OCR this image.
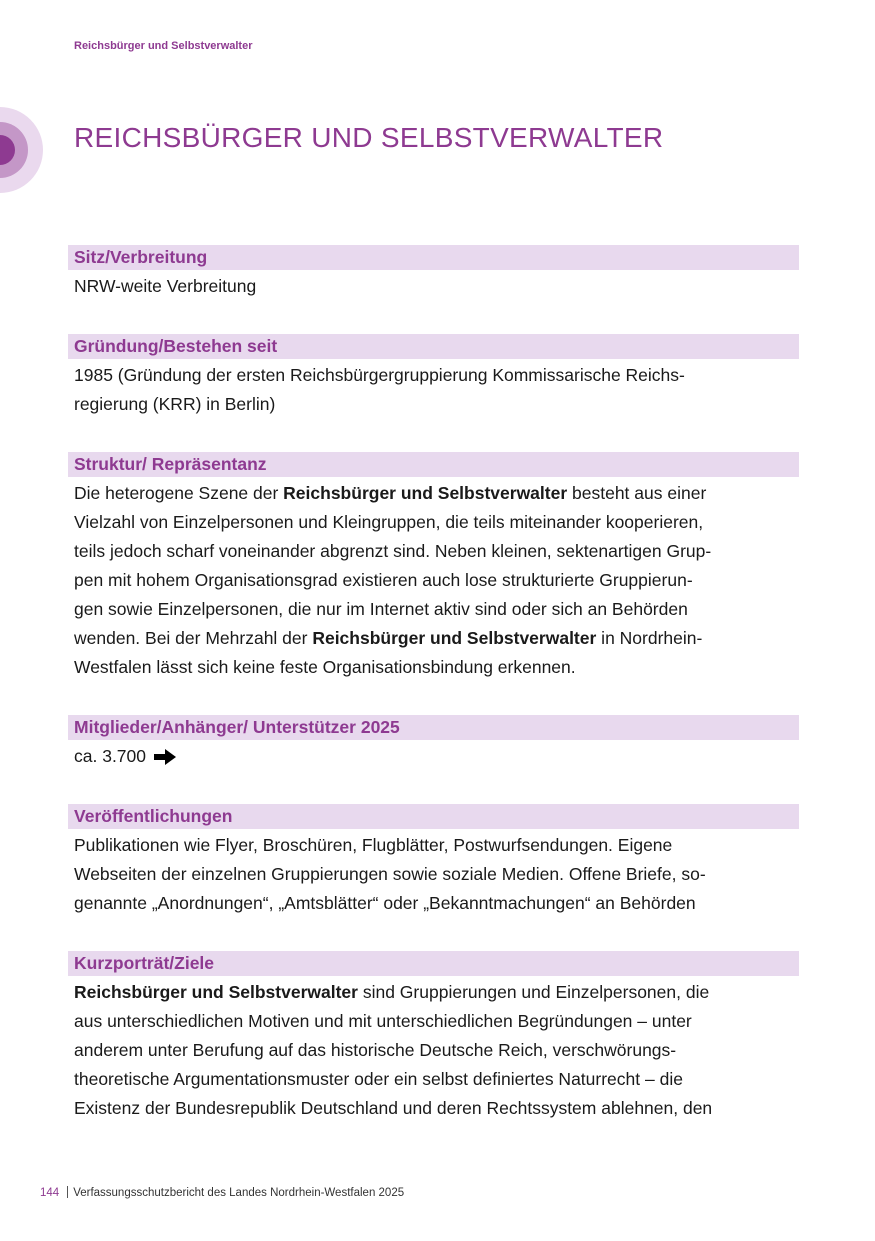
Reichsbürger und Selbstverwalter
REICHSBÜRGER UND SELBSTVERWALTER
Sitz/Verbreitung
NRW-weite Verbreitung
Gründung/Bestehen seit
1985 (Gründung der ersten Reichsbürgergruppierung Kommissarische Reichs-
regierung (KRR) in Berlin)
Struktur/ Repräsentanz
Die heterogene Szene der Reichsbürger und Selbstverwalter besteht aus einer
Vielzahl von Einzelpersonen und Kleingruppen, die teils miteinander kooperieren,
teils jedoch scharf voneinander abgrenzt sind. Neben kleinen, sektenartigen Grup-
pen mit hohem Organisationsgrad existieren auch lose strukturierte Gruppierun-
gen sowie Einzelpersonen, die nur im Internet aktiv sind oder sich an Behörden
wenden. Bei der Mehrzahl der Reichsbürger und Selbstverwalter in Nordrhein-
Westfalen lässt sich keine feste Organisationsbindung erkennen.
Mitglieder/Anhänger/ Unterstützer 2025
ca. 3.700
Veröffentlichungen
Publikationen wie Flyer, Broschüren, Flugblätter, Postwurfsendungen. Eigene
Webseiten der einzelnen Gruppierungen sowie soziale Medien. Offene Briefe, so-
genannte „Anordnungen“, „Amtsblätter“ oder „Bekanntmachungen“ an Behörden
Kurzporträt/Ziele
Reichsbürger und Selbstverwalter sind Gruppierungen und Einzelpersonen, die
aus unterschiedlichen Motiven und mit unterschiedlichen Begründungen – unter
anderem unter Berufung auf das historische Deutsche Reich, verschwörungs-
theoretische Argumentationsmuster oder ein selbst definiertes Naturrecht – die
Existenz der Bundesrepublik Deutschland und deren Rechtssystem ablehnen, den
144 Verfassungsschutzbericht des Landes Nordrhein-Westfalen 2025
